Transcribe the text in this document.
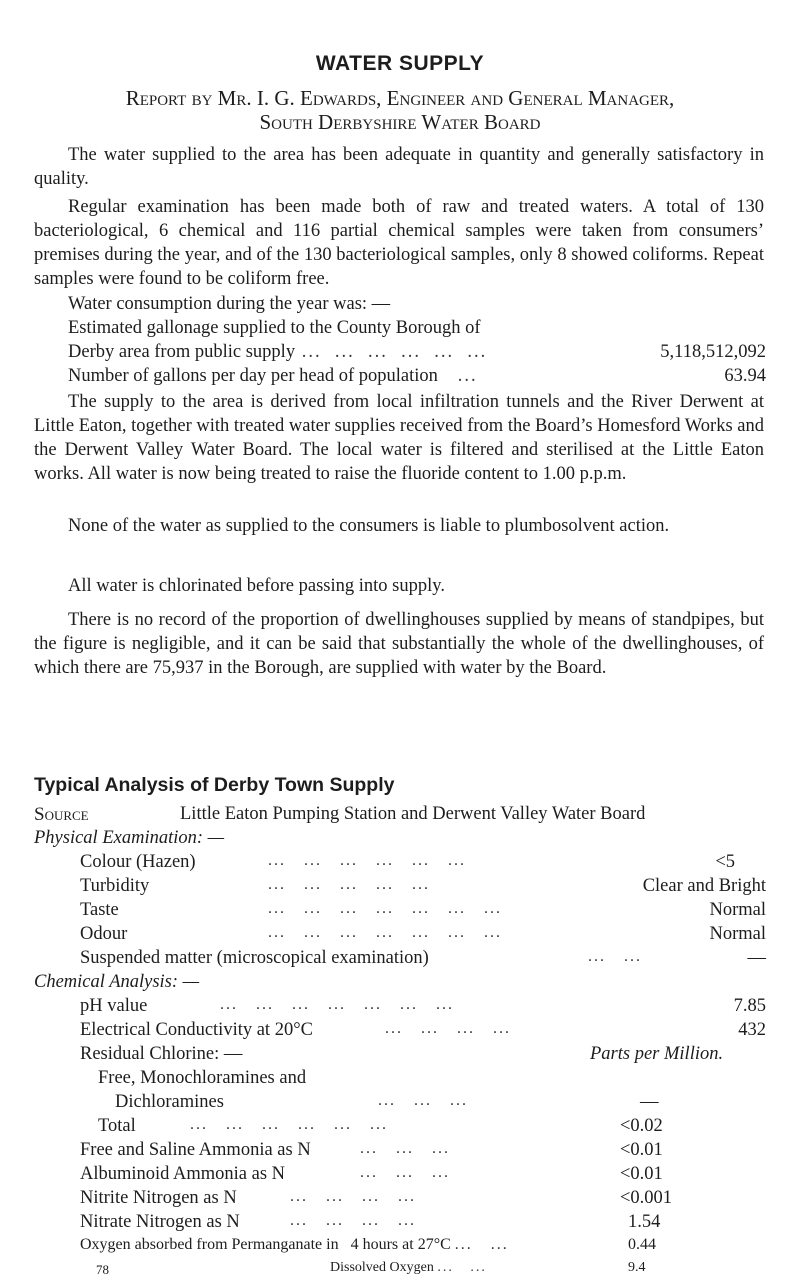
WATER SUPPLY
Report by Mr. I. G. Edwards, Engineer and General Manager,
South Derbyshire Water Board
The water supplied to the area has been adequate in quantity and generally satisfactory in quality.
Regular examination has been made both of raw and treated waters. A total of 130 bacteriological, 6 chemical and 116 partial chemical samples were taken from consumers’ premises during the year, and of the 130 bacteriological samples, only 8 showed coliforms. Repeat samples were found to be coliform free.
Water consumption during the year was: —
Estimated gallonage supplied to the County Borough of
Derby area from public supply ...  ...  ...  ...  ...  ...	5,118,512,092
Number of gallons per day per head of population   ...	63.94
The supply to the area is derived from local infiltration tunnels and the River Derwent at Little Eaton, together with treated water supplies received from the Board’s Homesford Works and the Derwent Valley Water Board. The local water is filtered and sterilised at the Little Eaton works. All water is now being treated to raise the fluoride content to 1.00 p.p.m.
None of the water as supplied to the consumers is liable to plumbosolvent action.
All water is chlorinated before passing into supply.
There is no record of the proportion of dwellinghouses supplied by means of standpipes, but the figure is negligible, and it can be said that substantially the whole of the dwellinghouses, of which there are 75,937 in the Borough, are supplied with water by the Board.
Typical Analysis of Derby Town Supply
Source	Little Eaton Pumping Station and Derwent Valley Water Board
Physical Examination: —
Colour (Hazen)	...   ...   ...   ...   ...   ...	<5
Turbidity	...   ...   ...   ...   ...	Clear and Bright
Taste	...   ...   ...   ...   ...   ...   ...	Normal
Odour	...   ...   ...   ...   ...   ...   ...	Normal
Suspended matter (microscopical examination)	...   ...	—
Chemical Analysis: —
pH value	...   ...   ...   ...   ...   ...   ...	7.85
Electrical Conductivity at 20°C	...   ...   ...   ...	432
Residual Chlorine: —	Parts per Million.
Free, Monochloramines and
Dichloramines	...   ...   ...	—
Total	...   ...   ...   ...   ...   ...	<0.02
Free and Saline Ammonia as N	...   ...   ...	<0.01
Albuminoid Ammonia as N	...   ...   ...	<0.01
Nitrite Nitrogen as N	...   ...   ...   ...	<0.001
Nitrate Nitrogen as N	...   ...   ...   ...	1.54
Oxygen absorbed from Permanganate in 4 hours at 27°C ...   ...	0.44
Dissolved Oxygen ...   ...	9.4
78
